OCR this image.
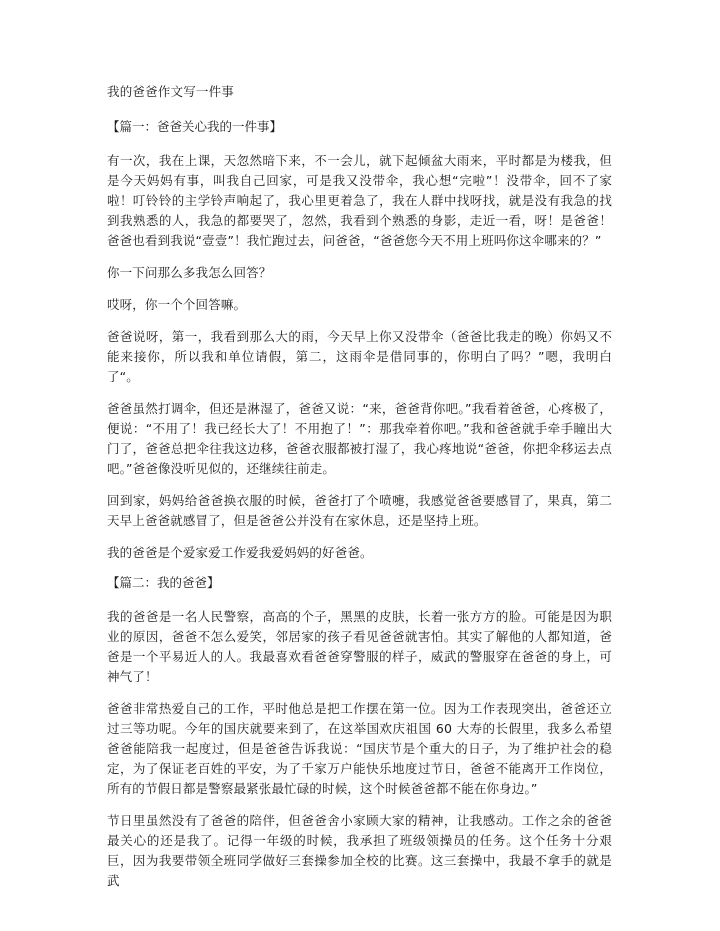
我的爸爸作文写一件事
【篇一：爸爸关心我的一件事】

有一次，我在上课，天忽然暗下来，不一会儿，就下起倾盆大雨来，平时都是为楼我，但是今天妈妈有事，叫我自己回家，可是我又没带伞，我心想“完啦”！没带伞，回不了家啦！叮铃铃的主学铃声响起了，我心里更着急了，我在人群中找呀找，就是没有我急的找到我熟悉的人，我急的都要哭了，忽然，我看到个熟悉的身影，走近一看，呀！是爸爸！爸爸也看到我说“壹壹”！我忙跑过去，问爸爸，“爸爸您今天不用上班吗你这伞哪来的？”

你一下问那么多我怎么回答？

哎呀，你一个个回答嘛。

爸爸说呀，第一，我看到那么大的雨，今天早上你又没带伞（爸爸比我走的晚）你妈又不能来接你，所以我和单位请假，第二，这雨伞是借同事的，你明白了吗？”嗯，我明白了“。

爸爸虽然打调伞，但还是淋湿了，爸爸又说：“来，爸爸背你吧。”我看着爸爸，心疼极了，便说：“不用了！我已经长大了！不用抱了！”：那我牵着你吧。”我和爸爸就手牵手瞳出大门了，爸爸总把伞往我这边移，爸爸衣服都被打湿了，我心疼地说“爸爸，你把伞移运去点吧。”爸爸像没听见似的，还继续往前走。

回到家，妈妈给爸爸换衣服的时候，爸爸打了个喷嚏，我感觉爸爸要感冒了，果真，第二天早上爸爸就感冒了，但是爸爸公并没有在家休息，还是坚持上班。

我的爸爸是个爱家爱工作爱我爱妈妈的好爸爸。

【篇二：我的爸爸】

我的爸爸是一名人民警察，高高的个子，黑黑的皮肤，长着一张方方的脸。可能是因为职业的原因，爸爸不怎么爱笑，邻居家的孩子看见爸爸就害怕。其实了解他的人都知道，爸爸是一个平易近人的人。我最喜欢看爸爸穿警服的样子，威武的警服穿在爸爸的身上，可神气了！

爸爸非常热爱自己的工作，平时他总是把工作摆在第一位。因为工作表现突出，爸爸还立过三等功呢。今年的国庆就要来到了，在这举国欢庆祖国 60 大寿的长假里，我多么希望爸爸能陪我一起度过，但是爸爸告诉我说：“国庆节是个重大的日子，为了维护社会的稳定，为了保证老百姓的平安，为了千家万户能快乐地度过节日，爸爸不能离开工作岗位，所有的节假日都是警察最紧张最忙碌的时候，这个时候爸爸都不能在你身边。”

节日里虽然没有了爸爸的陪伴，但爸爸舍小家顾大家的精神，让我感动。工作之余的爸爸最关心的还是我了。记得一年级的时候，我承担了班级领操员的任务。这个任务十分艰巨，因为我要带领全班同学做好三套操参加全校的比赛。这三套操中，我最不拿手的就是武
